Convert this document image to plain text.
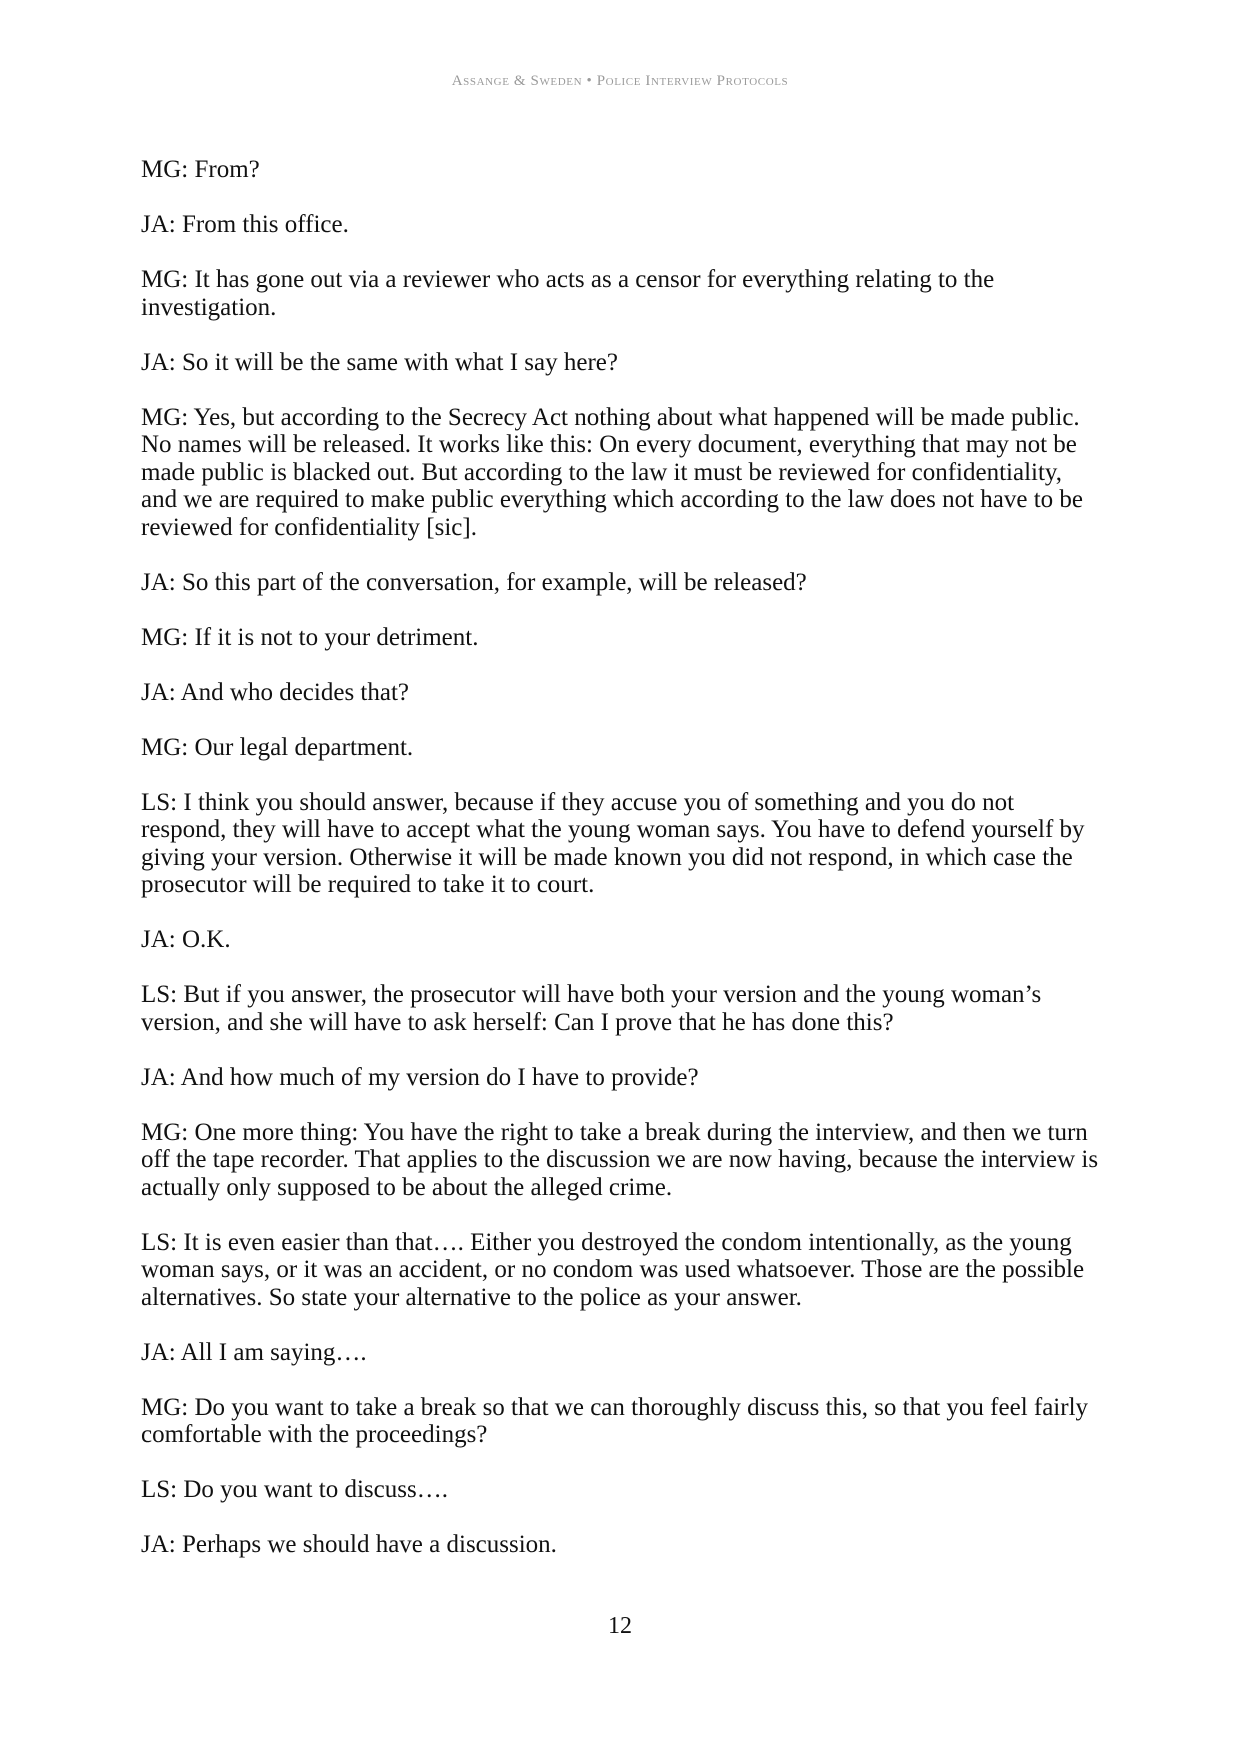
Assange & Sweden • Police Interview Protocols

MG: From?

JA: From this office.

MG: It has gone out via a reviewer who acts as a censor for everything relating to the investigation.

JA: So it will be the same with what I say here?

MG: Yes, but according to the Secrecy Act nothing about what happened will be made public. No names will be released. It works like this: On every document, everything that may not be made public is blacked out. But according to the law it must be reviewed for confidentiality, and we are required to make public everything which according to the law does not have to be reviewed for confidentiality [sic].

JA: So this part of the conversation, for example, will be released?

MG: If it is not to your detriment.

JA: And who decides that?

MG: Our legal department.

LS: I think you should answer, because if they accuse you of something and you do not respond, they will have to accept what the young woman says. You have to defend yourself by giving your version. Otherwise it will be made known you did not respond, in which case the prosecutor will be required to take it to court.

JA: O.K.

LS: But if you answer, the prosecutor will have both your version and the young woman’s version, and she will have to ask herself: Can I prove that he has done this?

JA: And how much of my version do I have to provide?

MG: One more thing: You have the right to take a break during the interview, and then we turn off the tape recorder. That applies to the discussion we are now having, because the interview is actually only supposed to be about the alleged crime.

LS: It is even easier than that…. Either you destroyed the condom intentionally, as the young woman says, or it was an accident, or no condom was used whatsoever. Those are the possible alternatives. So state your alternative to the police as your answer.

JA: All I am saying….

MG: Do you want to take a break so that we can thoroughly discuss this, so that you feel fairly comfortable with the proceedings?

LS: Do you want to discuss….

JA: Perhaps we should have a discussion.

12
